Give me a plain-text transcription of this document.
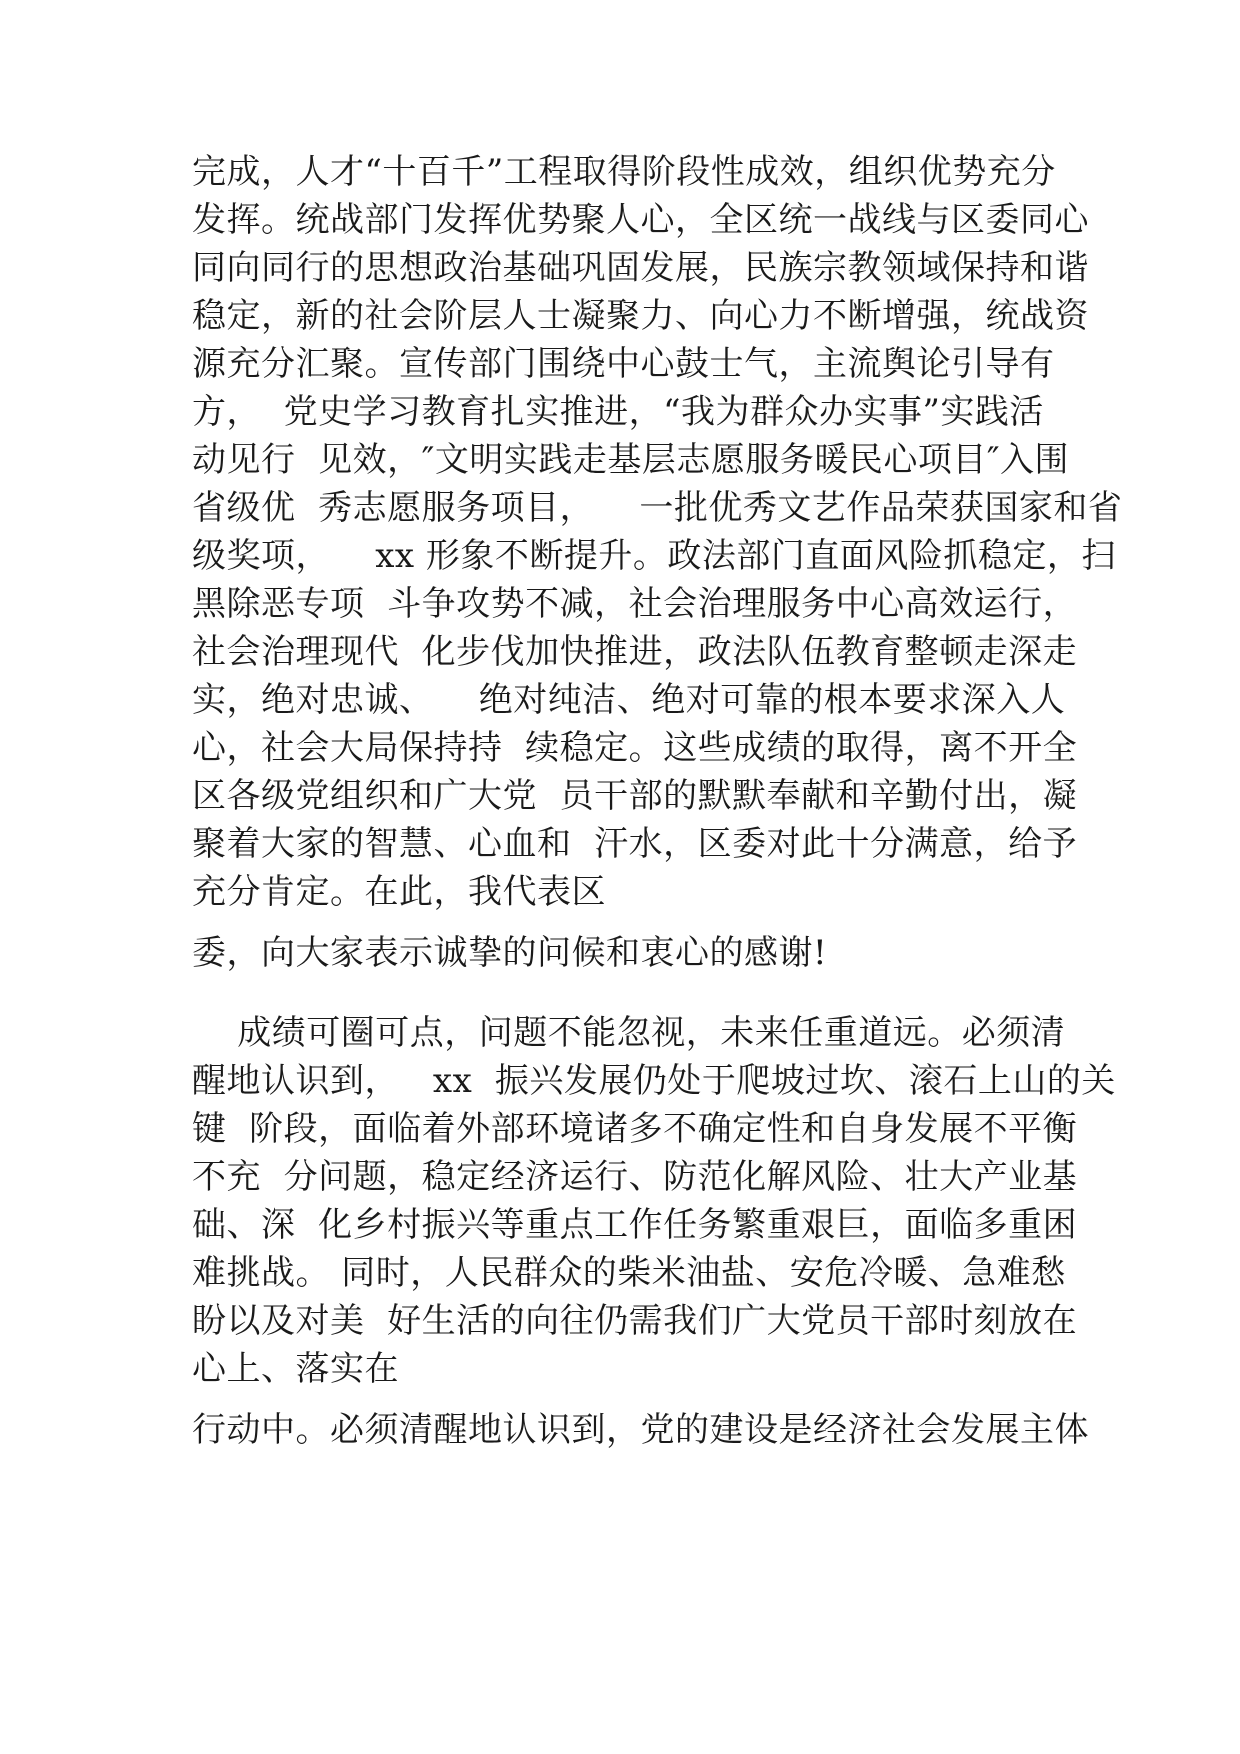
完成，人才“十百千”工程取得阶段性成效，组织优势充分
发挥。统战部门发挥优势聚人心，全区统一战线与区委同心
同向同行的思想政治基础巩固发展，民族宗教领域保持和谐
稳定，新的社会阶层人士凝聚力、向心力不断增强，统战资
源充分汇聚。宣传部门围绕中心鼓士气，主流舆论引导有
方，  党史学习教育扎实推进，“我为群众办实事”实践活
动见行  见效，″文明实践走基层志愿服务暖民心项目″入围
省级优  秀志愿服务项目，    一批优秀文艺作品荣获国家和省
级奖项，    xx 形象不断提升。政法部门直面风险抓稳定，扫
黑除恶专项  斗争攻势不减，社会治理服务中心高效运行，
社会治理现代  化步伐加快推进，政法队伍教育整顿走深走
实，绝对忠诚、    绝对纯洁、绝对可靠的根本要求深入人
心，社会大局保持持  续稳定。这些成绩的取得，离不开全
区各级党组织和广大党  员干部的默默奉献和辛勤付出，凝
聚着大家的智慧、心血和  汗水，区委对此十分满意，给予
充分肯定。在此，我代表区
委，向大家表示诚挚的问候和衷心的感谢!
成绩可圈可点，问题不能忽视，未来任重道远。必须清
醒地认识到，   xx  振兴发展仍处于爬坡过坎、滚石上山的关
键  阶段，面临着外部环境诸多不确定性和自身发展不平衡
不充  分问题，稳定经济运行、防范化解风险、壮大产业基
础、深  化乡村振兴等重点工作任务繁重艰巨，面临多重困
难挑战。 同时，人民群众的柴米油盐、安危冷暖、急难愁
盼以及对美  好生活的向往仍需我们广大党员干部时刻放在
心上、落实在
行动中。必须清醒地认识到，党的建设是经济社会发展主体
